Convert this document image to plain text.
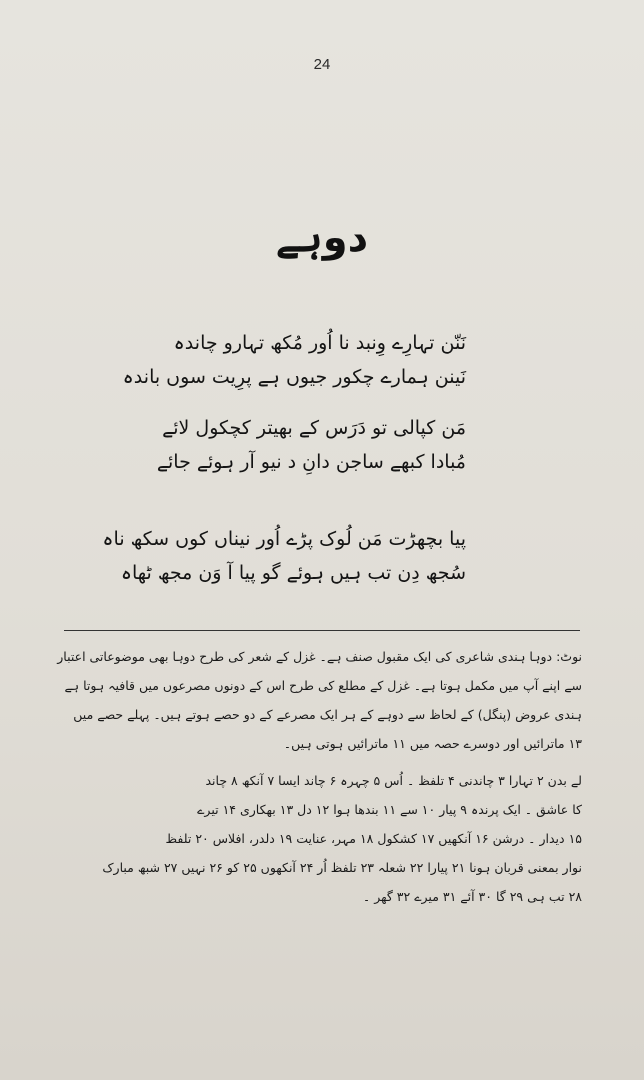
24
دوہے
نَنّن تہارِے وِنبد نا اُور مُکھ تہارو چاندہ
نَینن ہمارے چکور جیوں ہے پرِیت سوں باندہ
مَن کپالی تو دَرَس کے بھیتر کچکول لائے
مُبادا کبھے ساجن دانِ د نیو آر ہوئے جائے
پیا بچھڑت مَن لُوک پڑے اُور نیناں کوں سکھ ناہ
سُجھ دِن تب ہیں ہوئے گو پیا آ وَن مجھ ٹھاہ
نوٹ: دوہا ہندی شاعری کی ایک مقبول صنف ہے۔ غزل کے شعر کی طرح دوہا بھی موضوعاتی اعتبار
سے اپنے آپ میں مکمل ہوتا ہے۔ غزل کے مطلع کی طرح اس کے دونوں مصرعوں میں قافیہ ہوتا ہے
ہندی عروض (پنگل) کے لحاظ سے دوہے کے ہر ایک مصرعے کے دو حصے ہوتے ہیں۔ پہلے حصے میں
۱۳ ماترائیں اور دوسرے حصہ میں ۱۱ ماترائیں ہوتی ہیں۔
لے بدن ۲ تہارا ۳ چاندنی ۴ تلفظ ۔ اُس ۵ چہرہ ۶ چاند ایسا ۷ آنکھ ۸ چاند
کا عاشق ۔ ایک پرندہ ۹ پیار ۱۰ سے ۱۱ بندھا ہوا ۱۲ دل ۱۳ بھکاری ۱۴ تیرے
۱۵ دیدار ۔ درشن ۱۶ آنکھیں ۱۷ کشکول ۱۸ مہر، عنایت ۱۹ دلدر، افلاس ۲۰ تلفظ
نوار بمعنی قربان ہونا ۲۱ پیارا ۲۲ شعلہ ۲۳ تلفظ اُر ۲۴ آنکھوں ۲۵ کو ۲۶ نہیں ۲۷ شبھ مبارک
۲۸ تب ہی ۲۹ گا ۳۰ آئے ۳۱ میرے ۳۲ گھر ۔
